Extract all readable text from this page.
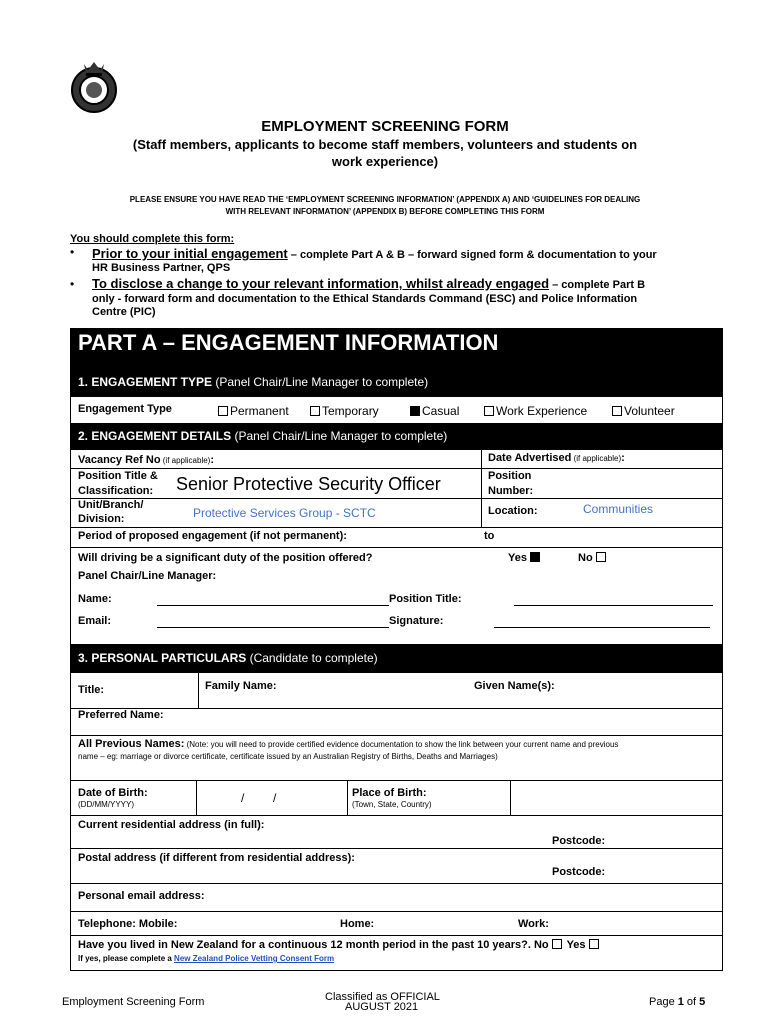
EMPLOYMENT SCREENING FORM
(Staff members, applicants to become staff members, volunteers and students on
work experience)
PLEASE ENSURE YOU HAVE READ THE ‘EMPLOYMENT SCREENING INFORMATION’ (APPENDIX A) AND ‘GUIDELINES FOR DEALING
WITH RELEVANT INFORMATION’ (APPENDIX B) BEFORE COMPLETING THIS FORM
You should complete this form:
• Prior to your initial engagement – complete Part A & B – forward signed form & documentation to your
HR Business Partner, QPS
• To disclose a change to your relevant information, whilst already engaged – complete Part B
only - forward form and documentation to the Ethical Standards Command (ESC) and Police Information
Centre (PIC)
PART A – ENGAGEMENT INFORMATION
1. ENGAGEMENT TYPE (Panel Chair/Line Manager to complete)
Engagement Type	Permanent	Temporary	Casual	Work Experience	Volunteer
2. ENGAGEMENT DETAILS (Panel Chair/Line Manager to complete)
Vacancy Ref No (if applicable):	Date Advertised (if applicable):
Position Title &
Classification: Senior Protective Security Officer	Position
Number:
Unit/Branch/
Division:	Protective Services Group - SCTC	Location:	Communities
Period of proposed engagement (if not permanent):	to
Will driving be a significant duty of the position offered?	Yes	No
Panel Chair/Line Manager:
Name:	Position Title:
Email:	Signature:
3. PERSONAL PARTICULARS (Candidate to complete)
Title:	Family Name:	Given Name(s):
Preferred Name:
All Previous Names: (Note: you will need to provide certified evidence documentation to show the link between your current name and previous
name – eg: marriage or divorce certificate, certificate issued by an Australian Registry of Births, Deaths and Marriages)
Date of Birth:
(DD/MM/YYYY)	/ /	Place of Birth:
(Town, State, Country)
Current residential address (in full):
Postcode:
Postal address (if different from residential address):
Postcode:
Personal email address:
Telephone: Mobile:	Home:	Work:
Have you lived in New Zealand for a continuous 12 month period in the past 10 years?. No Yes
If yes, please complete a New Zealand Police Vetting Consent Form
Employment Screening Form	Classified as OFFICIAL
AUGUST 2021	Page 1 of 5
